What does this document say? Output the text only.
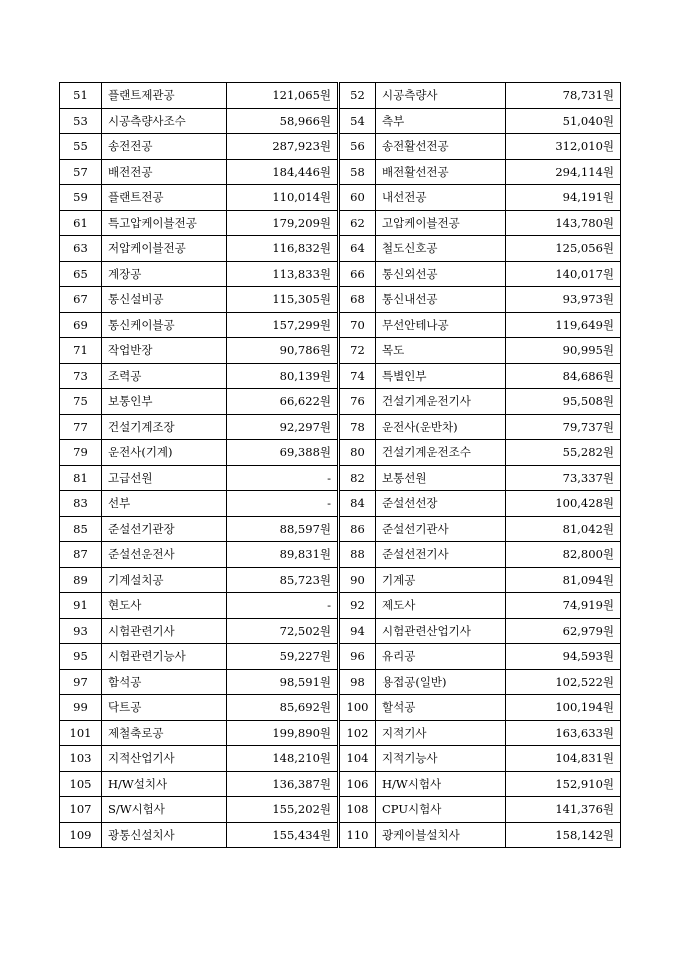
51	플랜트제관공	121,065원	52	시공측량사	78,731원
53	시공측량사조수	58,966원	54	측부	51,040원
55	송전전공	287,923원	56	송전활선전공	312,010원
57	배전전공	184,446원	58	배전활선전공	294,114원
59	플랜트전공	110,014원	60	내선전공	94,191원
61	특고압케이블전공	179,209원	62	고압케이블전공	143,780원
63	저압케이블전공	116,832원	64	철도신호공	125,056원
65	계장공	113,833원	66	통신외선공	140,017원
67	통신설비공	115,305원	68	통신내선공	93,973원
69	통신케이블공	157,299원	70	무선안테나공	119,649원
71	작업반장	90,786원	72	목도	90,995원
73	조력공	80,139원	74	특별인부	84,686원
75	보통인부	66,622원	76	건설기계운전기사	95,508원
77	건설기계조장	92,297원	78	운전사(운반차)	79,737원
79	운전사(기계)	69,388원	80	건설기계운전조수	55,282원
81	고급선원	-	82	보통선원	73,337원
83	선부	-	84	준설선선장	100,428원
85	준설선기관장	88,597원	86	준설선기관사	81,042원
87	준설선운전사	89,831원	88	준설선전기사	82,800원
89	기계설치공	85,723원	90	기계공	81,094원
91	현도사	-	92	제도사	74,919원
93	시험관련기사	72,502원	94	시험관련산업기사	62,979원
95	시험관련기능사	59,227원	96	유리공	94,593원
97	함석공	98,591원	98	용접공(일반)	102,522원
99	닥트공	85,692원	100	할석공	100,194원
101	제철축로공	199,890원	102	지적기사	163,633원
103	지적산업기사	148,210원	104	지적기능사	104,831원
105	H/W설치사	136,387원	106	H/W시험사	152,910원
107	S/W시험사	155,202원	108	CPU시험사	141,376원
109	광통신설치사	155,434원	110	광케이블설치사	158,142원
